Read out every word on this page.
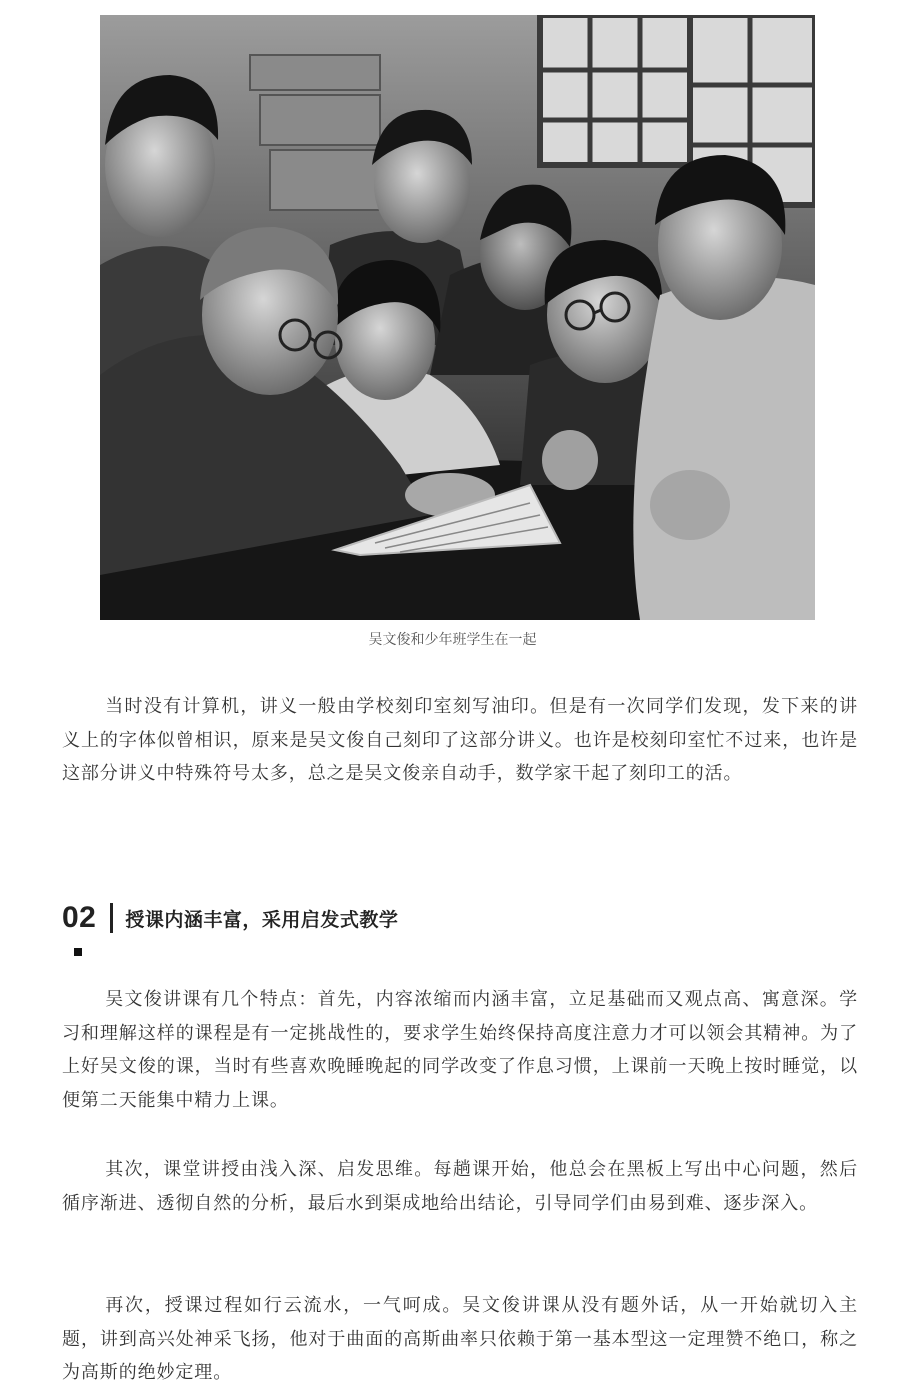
吴文俊和少年班学生在一起

当时没有计算机，讲义一般由学校刻印室刻写油印。但是有一次同学们发现，发下来的讲义上的字体似曾相识，原来是吴文俊自己刻印了这部分讲义。也许是校刻印室忙不过来，也许是这部分讲义中特殊符号太多，总之是吴文俊亲自动手，数学家干起了刻印工的活。

02 授课内涵丰富，采用启发式教学

吴文俊讲课有几个特点：首先，内容浓缩而内涵丰富，立足基础而又观点高、寓意深。学习和理解这样的课程是有一定挑战性的，要求学生始终保持高度注意力才可以领会其精神。为了上好吴文俊的课，当时有些喜欢晚睡晚起的同学改变了作息习惯，上课前一天晚上按时睡觉，以便第二天能集中精力上课。

其次，课堂讲授由浅入深、启发思维。每趟课开始，他总会在黑板上写出中心问题，然后循序渐进、透彻自然的分析，最后水到渠成地给出结论，引导同学们由易到难、逐步深入。

再次，授课过程如行云流水，一气呵成。吴文俊讲课从没有题外话，从一开始就切入主题，讲到高兴处神采飞扬，他对于曲面的高斯曲率只依赖于第一基本型这一定理赞不绝口，称之为高斯的绝妙定理。
